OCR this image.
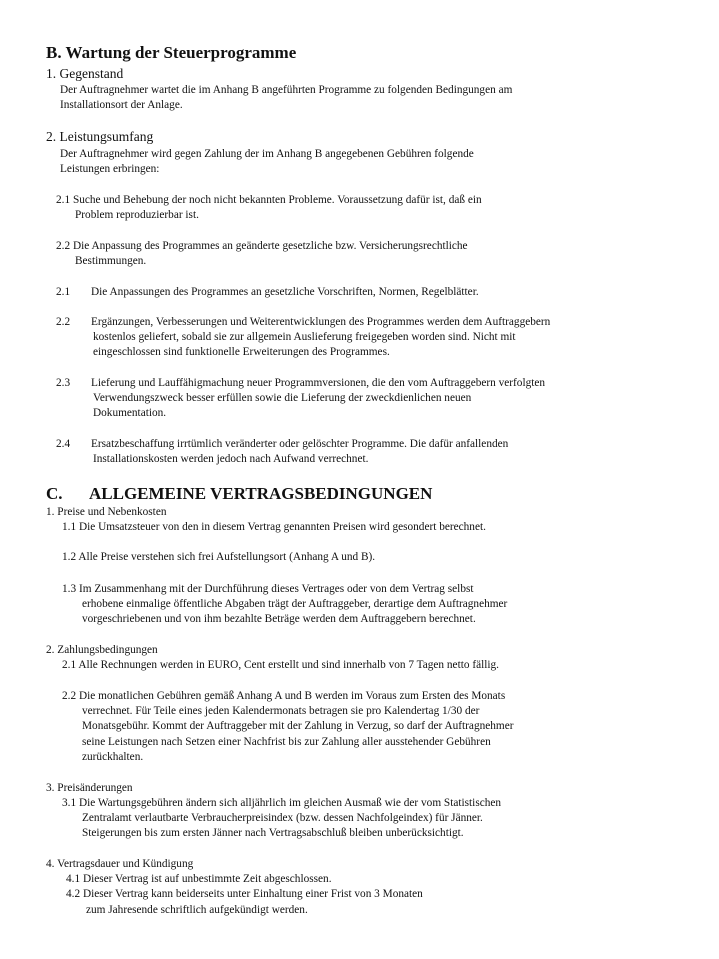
B. Wartung der Steuerprogramme
1. Gegenstand
Der Auftragnehmer wartet die im Anhang B angeführten Programme zu folgenden Bedingungen am
Installationsort der Anlage.
2. Leistungsumfang
Der Auftragnehmer wird gegen Zahlung der im Anhang B angegebenen Gebühren folgende
Leistungen erbringen:
2.1 Suche und Behebung der noch nicht bekannten Probleme. Voraussetzung dafür ist, daß ein
Problem reproduzierbar ist.
2.2 Die Anpassung des Programmes an geänderte gesetzliche bzw. Versicherungsrechtliche
Bestimmungen.
2.1 Die Anpassungen des Programmes an gesetzliche Vorschriften, Normen, Regelblätter.
2.2 Ergänzungen, Verbesserungen und Weiterentwicklungen des Programmes werden dem Auftraggebern
kostenlos geliefert, sobald sie zur allgemein Auslieferung freigegeben worden sind. Nicht mit
eingeschlossen sind funktionelle Erweiterungen des Programmes.
2.3 Lieferung und Lauffähigmachung neuer Programmversionen, die den vom Auftraggebern verfolgten
Verwendungszweck besser erfüllen sowie die Lieferung der zweckdienlichen neuen
Dokumentation.
2.4 Ersatzbeschaffung irrtümlich veränderter oder gelöschter Programme. Die dafür anfallenden
Installationskosten werden jedoch nach Aufwand verrechnet.
C. ALLGEMEINE VERTRAGSBEDINGUNGEN
1. Preise und Nebenkosten
1.1 Die Umsatzsteuer von den in diesem Vertrag genannten Preisen wird gesondert berechnet.
1.2 Alle Preise verstehen sich frei Aufstellungsort (Anhang A und B).
1.3 Im Zusammenhang mit der Durchführung dieses Vertrages oder von dem Vertrag selbst
erhobene einmalige öffentliche Abgaben trägt der Auftraggeber, derartige dem Auftragnehmer
vorgeschriebenen und von ihm bezahlte Beträge werden dem Auftraggebern berechnet.
2. Zahlungsbedingungen
2.1 Alle Rechnungen werden in EURO, Cent erstellt und sind innerhalb von 7 Tagen netto fällig.
2.2 Die monatlichen Gebühren gemäß Anhang A und B werden im Voraus zum Ersten des Monats
verrechnet. Für Teile eines jeden Kalendermonats betragen sie pro Kalendertag 1/30 der
Monatsgebühr. Kommt der Auftraggeber mit der Zahlung in Verzug, so darf der Auftragnehmer
seine Leistungen nach Setzen einer Nachfrist bis zur Zahlung aller ausstehender Gebühren
zurückhalten.
3. Preisänderungen
3.1 Die Wartungsgebühren ändern sich alljährlich im gleichen Ausmaß wie der vom Statistischen
Zentralamt verlautbarte Verbraucherpreisindex (bzw. dessen Nachfolgeindex) für Jänner.
Steigerungen bis zum ersten Jänner nach Vertragsabschluß bleiben unberücksichtigt.
4. Vertragsdauer und Kündigung
4.1 Dieser Vertrag ist auf unbestimmte Zeit abgeschlossen.
4.2 Dieser Vertrag kann beiderseits unter Einhaltung einer Frist von 3 Monaten
zum Jahresende schriftlich aufgekündigt werden.
